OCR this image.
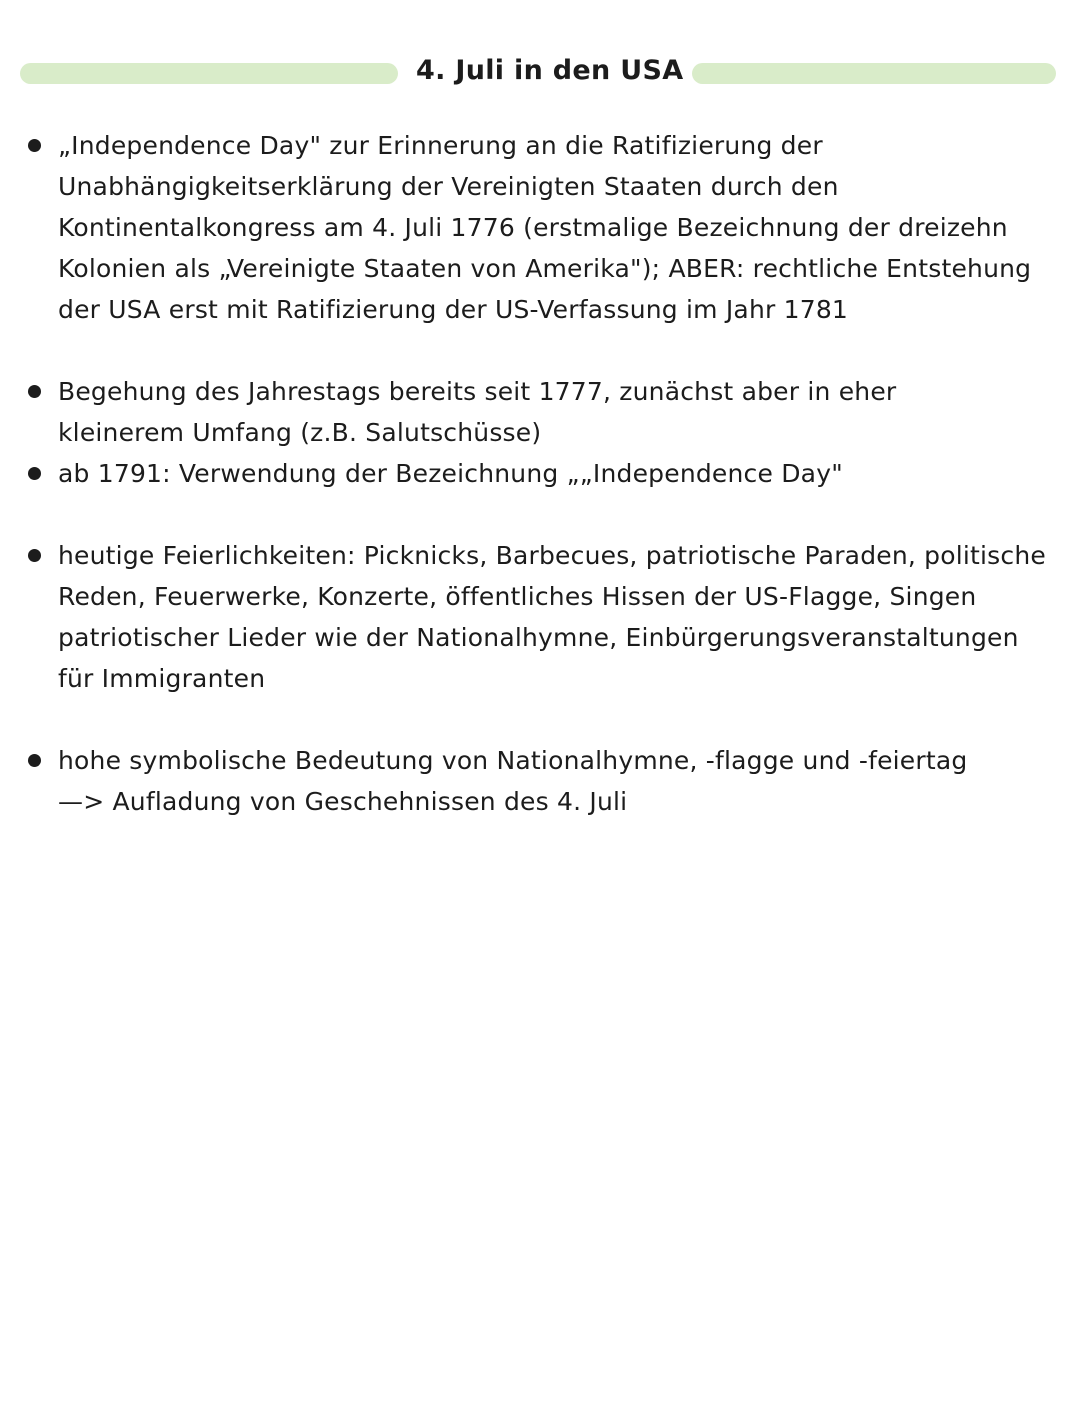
4. Juli in den USA
„Independence Day" zur Erinnerung an die Ratifizierung der
Unabhängigkeitserklärung der Vereinigten Staaten durch den
Kontinentalkongress am 4. Juli 1776 (erstmalige Bezeichnung der dreizehn
Kolonien als „Vereinigte Staaten von Amerika"); ABER: rechtliche Entstehung
der USA erst mit Ratifizierung der US-Verfassung im Jahr 1781
Begehung des Jahrestags bereits seit 1777, zunächst aber in eher
kleinerem Umfang (z.B. Salutschüsse)
ab 1791: Verwendung der Bezeichnung „„Independence Day"
heutige Feierlichkeiten: Picknicks, Barbecues, patriotische Paraden, politische
Reden, Feuerwerke, Konzerte, öffentliches Hissen der US-Flagge, Singen
patriotischer Lieder wie der Nationalhymne, Einbürgerungsveranstaltungen
für Immigranten
hohe symbolische Bedeutung von Nationalhymne, -flagge und -feiertag
—> Aufladung von Geschehnissen des 4. Juli
